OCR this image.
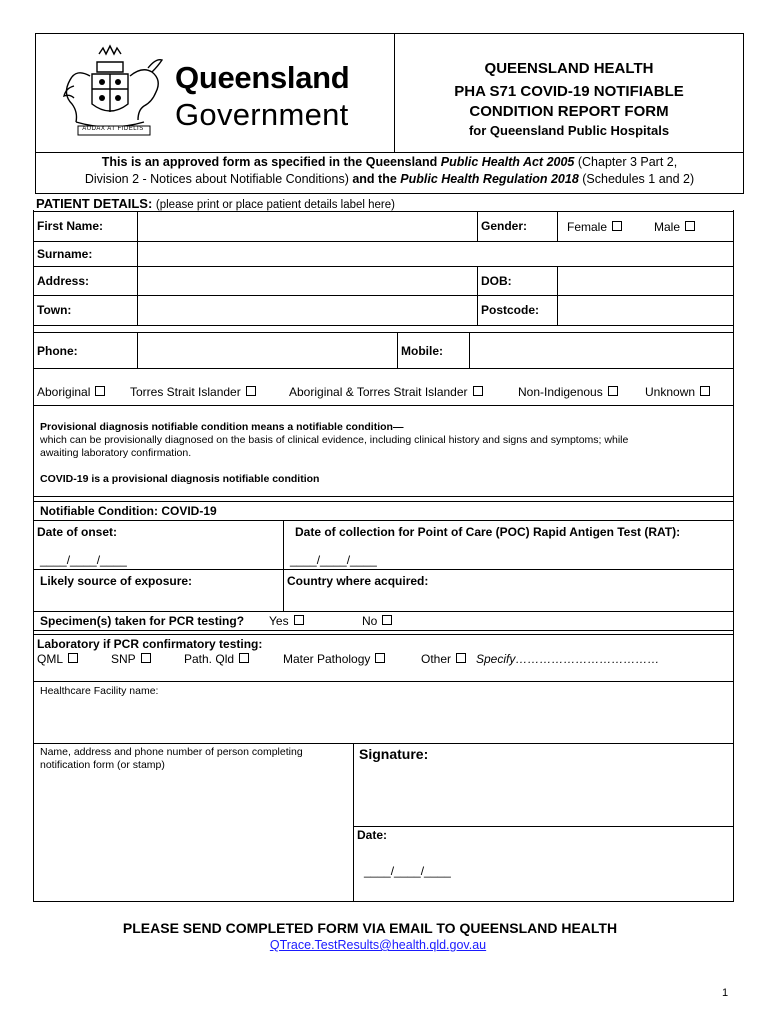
AUDAX AT FIDELIS
Queensland
Government
QUEENSLAND HEALTH
PHA S71 COVID-19 NOTIFIABLE
CONDITION REPORT FORM
for Queensland Public Hospitals
This is an approved form as specified in the Queensland Public Health Act 2005 (Chapter 3 Part 2,
Division 2 - Notices about Notifiable Conditions) and the Public Health Regulation 2018 (Schedules 1 and 2)
PATIENT DETAILS: (please print or place patient details label here)
First Name:	Gender:	Female	Male
Surname:
Address:	DOB:
Town:	Postcode:
Phone:	Mobile:
Aboriginal	Torres Strait Islander	Aboriginal & Torres Strait Islander	Non-Indigenous	Unknown
Provisional diagnosis notifiable condition means a notifiable condition—
which can be provisionally diagnosed on the basis of clinical evidence, including clinical history and signs and symptoms; while
awaiting laboratory confirmation.
COVID-19 is a provisional diagnosis notifiable condition
Notifiable Condition: COVID-19
Date of onset:	Date of collection for Point of Care (POC) Rapid Antigen Test (RAT):
____/____/____	____/____/____
Likely source of exposure:	Country where acquired:
Specimen(s) taken for PCR testing? Yes	No
Laboratory if PCR confirmatory testing:
QML	SNP	Path. Qld	Mater Pathology	Other	Specify………………………………
Healthcare Facility name:
Name, address and phone number of person completing
notification form (or stamp)
Signature:
Date:
____/____/____
PLEASE SEND COMPLETED FORM VIA EMAIL TO QUEENSLAND HEALTH
QTrace.TestResults@health.qld.gov.au
1
